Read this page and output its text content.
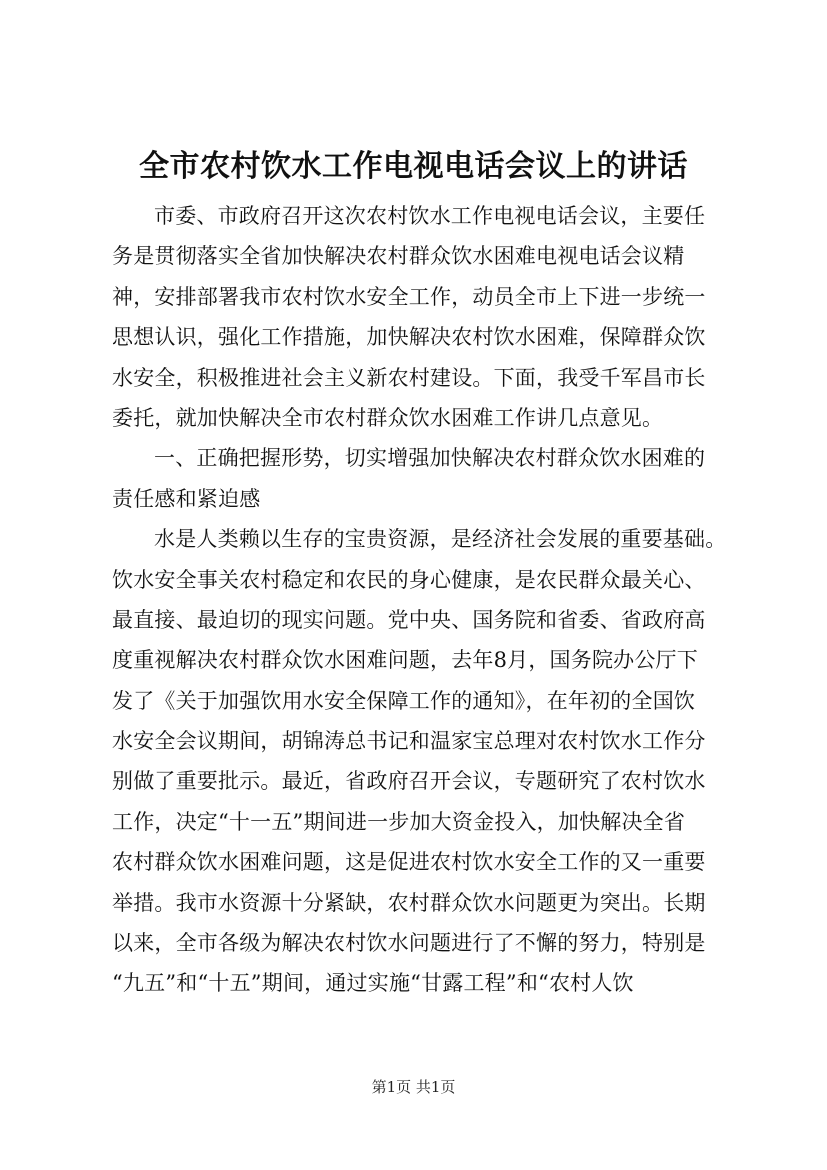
全市农村饮水工作电视电话会议上的讲话
市委、市政府召开这次农村饮水工作电视电话会议，主要任
务是贯彻落实全省加快解决农村群众饮水困难电视电话会议精
神，安排部署我市农村饮水安全工作，动员全市上下进一步统一
思想认识，强化工作措施，加快解决农村饮水困难，保障群众饮
水安全，积极推进社会主义新农村建设。下面，我受千军昌市长
委托，就加快解决全市农村群众饮水困难工作讲几点意见。
一、正确把握形势，切实增强加快解决农村群众饮水困难的
责任感和紧迫感
水是人类赖以生存的宝贵资源，是经济社会发展的重要基础。
饮水安全事关农村稳定和农民的身心健康，是农民群众最关心、
最直接、最迫切的现实问题。党中央、国务院和省委、省政府高
度重视解决农村群众饮水困难问题，去年8月，国务院办公厅下
发了《关于加强饮用水安全保障工作的通知》，在年初的全国饮
水安全会议期间，胡锦涛总书记和温家宝总理对农村饮水工作分
别做了重要批示。最近，省政府召开会议，专题研究了农村饮水
工作，决定“十一五”期间进一步加大资金投入，加快解决全省
农村群众饮水困难问题，这是促进农村饮水安全工作的又一重要
举措。我市水资源十分紧缺，农村群众饮水问题更为突出。长期
以来，全市各级为解决农村饮水问题进行了不懈的努力，特别是
“九五”和“十五”期间，通过实施“甘露工程”和“农村人饮
第1页 共1页
